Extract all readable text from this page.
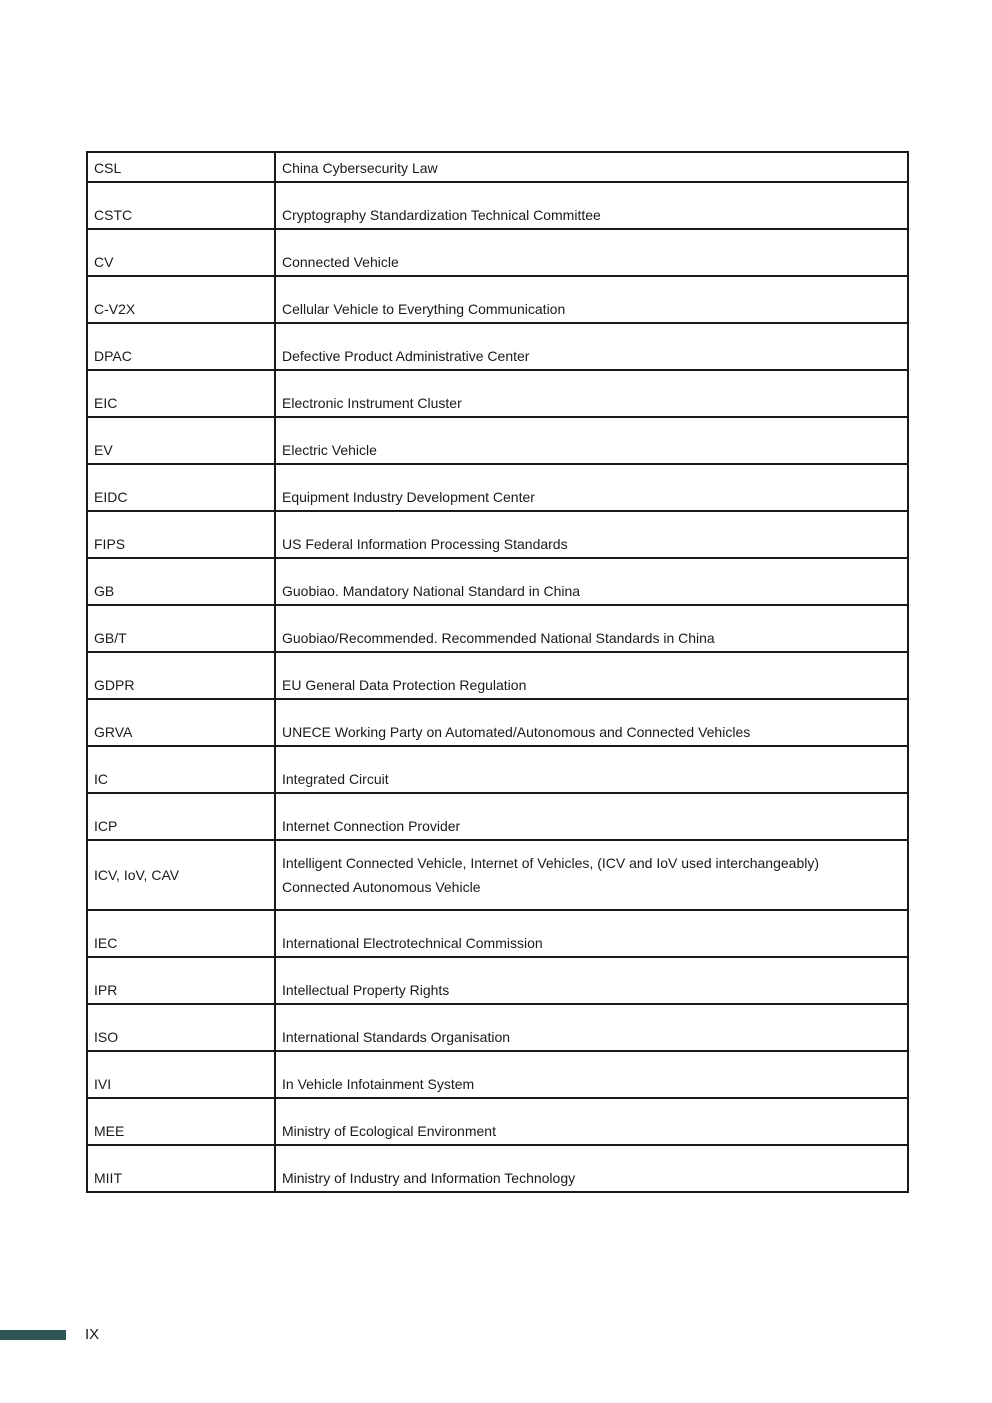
CSL	China Cybersecurity Law

CSTC	Cryptography Standardization Technical Committee

CV	Connected Vehicle

C-V2X	Cellular Vehicle to Everything Communication

DPAC	Defective Product Administrative Center

EIC	Electronic Instrument Cluster

EV	Electric Vehicle

EIDC	Equipment Industry Development Center

FIPS	US Federal Information Processing Standards

GB	Guobiao. Mandatory National Standard in China

GB/T	Guobiao/Recommended. Recommended National Standards in China

GDPR	EU General Data Protection Regulation

GRVA	UNECE Working Party on Automated/Autonomous and Connected Vehicles

IC	Integrated Circuit

ICP	Internet Connection Provider

ICV, IoV, CAV	Intelligent Connected Vehicle, Internet of Vehicles, (ICV and IoV used interchangeably)
Connected Autonomous Vehicle

IEC	International Electrotechnical Commission

IPR	Intellectual Property Rights

ISO	International Standards Organisation

IVI	In Vehicle Infotainment System

MEE	Ministry of Ecological Environment

MIIT	Ministry of Industry and Information Technology
IX
